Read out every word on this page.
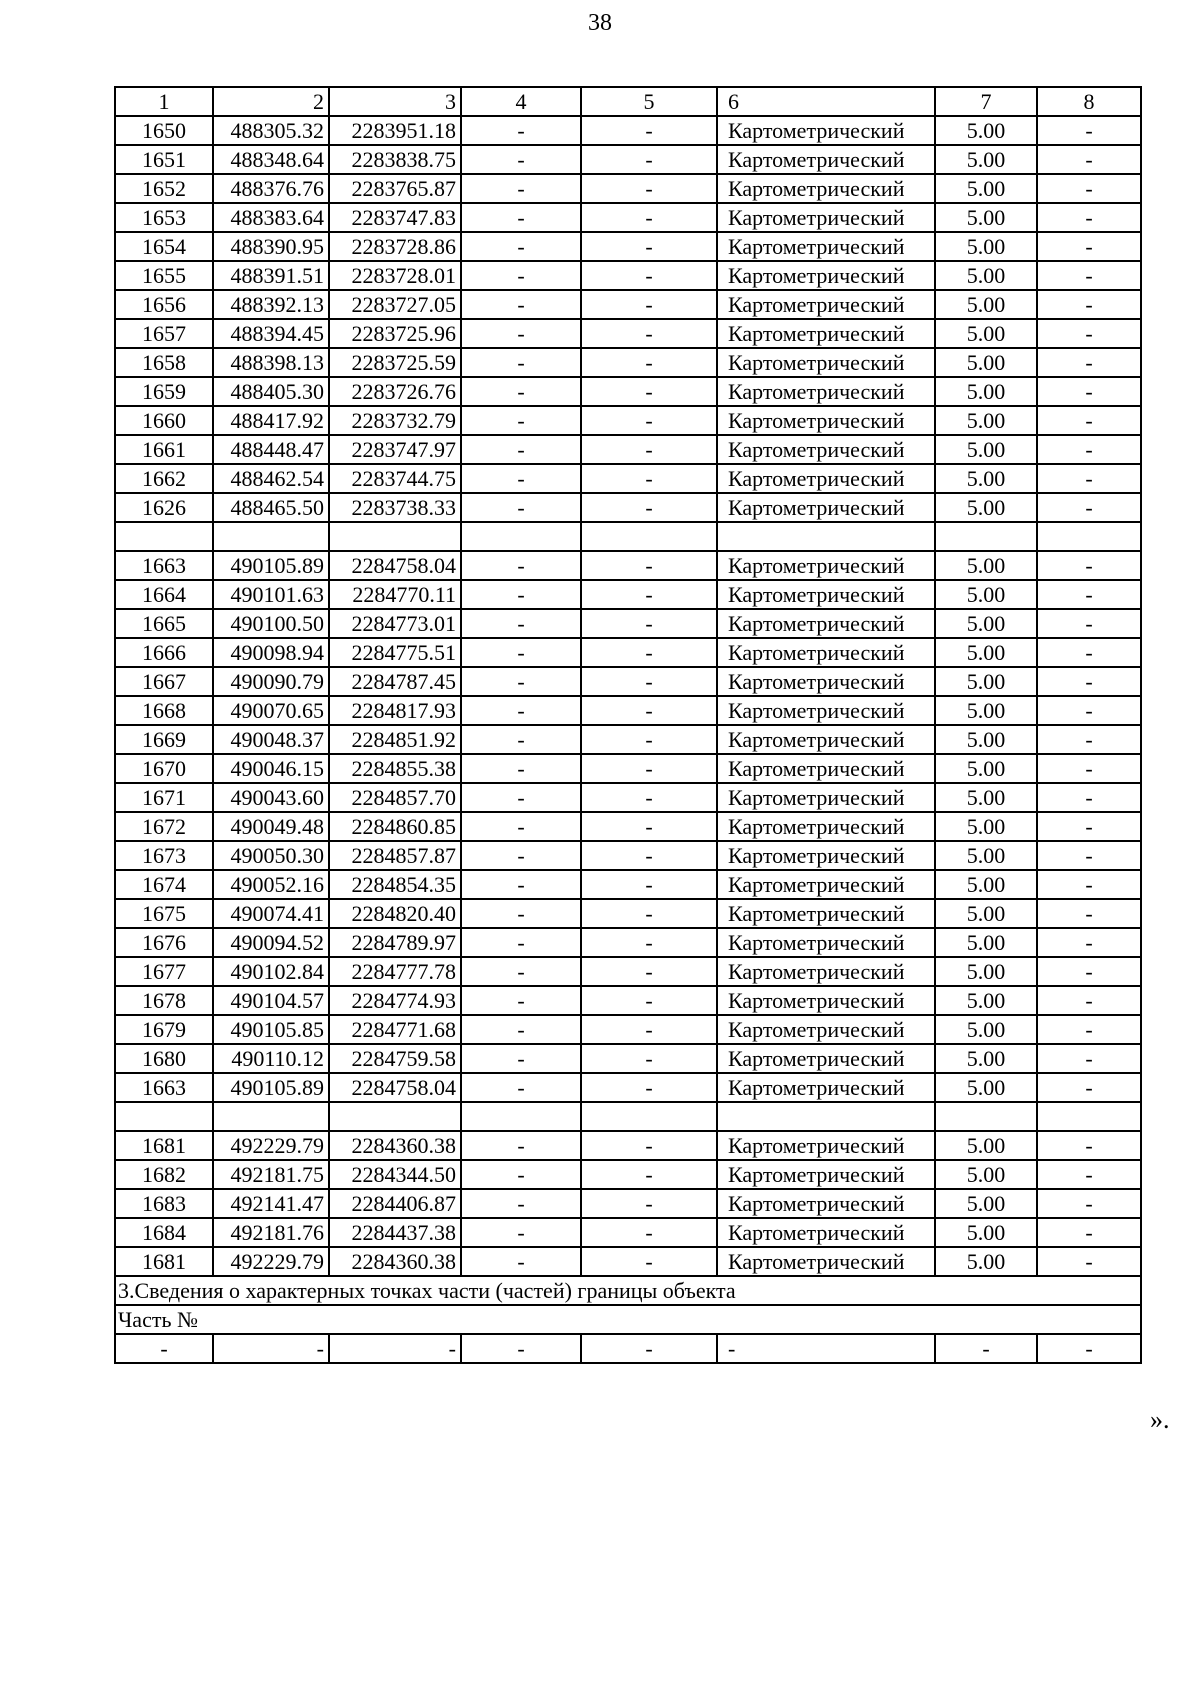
38
1	2	3	4	5	6	7	8
1650	488305.32	2283951.18	-	-	Картометрический	5.00	-
1651	488348.64	2283838.75	-	-	Картометрический	5.00	-
1652	488376.76	2283765.87	-	-	Картометрический	5.00	-
1653	488383.64	2283747.83	-	-	Картометрический	5.00	-
1654	488390.95	2283728.86	-	-	Картометрический	5.00	-
1655	488391.51	2283728.01	-	-	Картометрический	5.00	-
1656	488392.13	2283727.05	-	-	Картометрический	5.00	-
1657	488394.45	2283725.96	-	-	Картометрический	5.00	-
1658	488398.13	2283725.59	-	-	Картометрический	5.00	-
1659	488405.30	2283726.76	-	-	Картометрический	5.00	-
1660	488417.92	2283732.79	-	-	Картометрический	5.00	-
1661	488448.47	2283747.97	-	-	Картометрический	5.00	-
1662	488462.54	2283744.75	-	-	Картометрический	5.00	-
1626	488465.50	2283738.33	-	-	Картометрический	5.00	-

1663	490105.89	2284758.04	-	-	Картометрический	5.00	-
1664	490101.63	2284770.11	-	-	Картометрический	5.00	-
1665	490100.50	2284773.01	-	-	Картометрический	5.00	-
1666	490098.94	2284775.51	-	-	Картометрический	5.00	-
1667	490090.79	2284787.45	-	-	Картометрический	5.00	-
1668	490070.65	2284817.93	-	-	Картометрический	5.00	-
1669	490048.37	2284851.92	-	-	Картометрический	5.00	-
1670	490046.15	2284855.38	-	-	Картометрический	5.00	-
1671	490043.60	2284857.70	-	-	Картометрический	5.00	-
1672	490049.48	2284860.85	-	-	Картометрический	5.00	-
1673	490050.30	2284857.87	-	-	Картометрический	5.00	-
1674	490052.16	2284854.35	-	-	Картометрический	5.00	-
1675	490074.41	2284820.40	-	-	Картометрический	5.00	-
1676	490094.52	2284789.97	-	-	Картометрический	5.00	-
1677	490102.84	2284777.78	-	-	Картометрический	5.00	-
1678	490104.57	2284774.93	-	-	Картометрический	5.00	-
1679	490105.85	2284771.68	-	-	Картометрический	5.00	-
1680	490110.12	2284759.58	-	-	Картометрический	5.00	-
1663	490105.89	2284758.04	-	-	Картометрический	5.00	-

1681	492229.79	2284360.38	-	-	Картометрический	5.00	-
1682	492181.75	2284344.50	-	-	Картометрический	5.00	-
1683	492141.47	2284406.87	-	-	Картометрический	5.00	-
1684	492181.76	2284437.38	-	-	Картометрический	5.00	-
1681	492229.79	2284360.38	-	-	Картометрический	5.00	-
3.Сведения о характерных точках части (частей) границы объекта							
Часть №							
-	-	-	-	-	-	-	-
».
